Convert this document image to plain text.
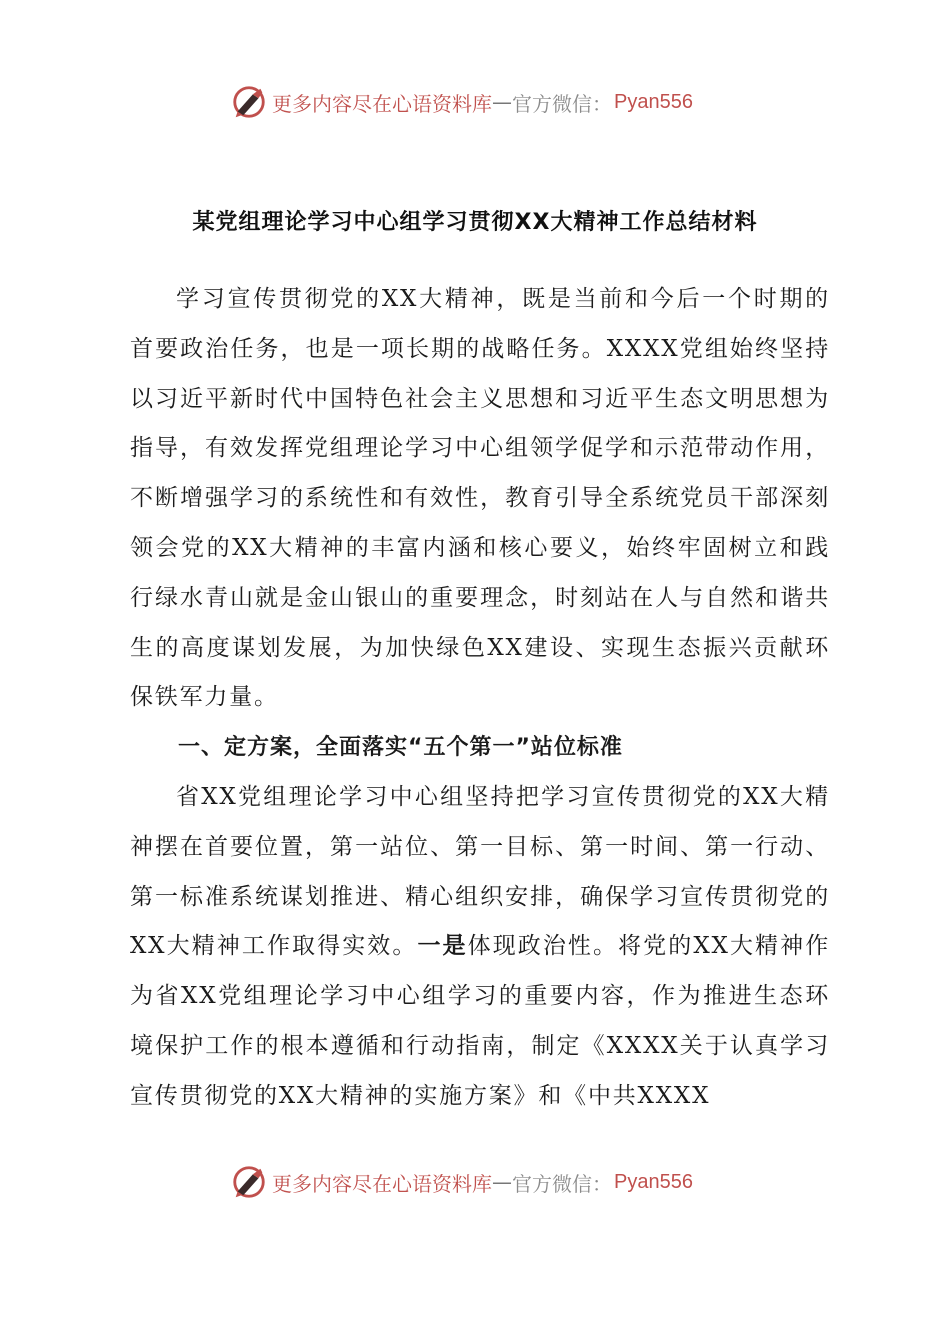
更多内容尽在心语资料库 — 官方微信： Pyan556
某党组理论学习中心组学习贯彻XX大精神工作总结材料

学习宣传贯彻党的XX大精神，既是当前和今后一个时期的首要政治任务，也是一项长期的战略任务。XXXX党组始终坚持以习近平新时代中国特色社会主义思想和习近平生态文明思想为指导，有效发挥党组理论学习中心组领学促学和示范带动作用，不断增强学习的系统性和有效性，教育引导全系统党员干部深刻领会党的XX大精神的丰富内涵和核心要义，始终牢固树立和践行绿水青山就是金山银山的重要理念，时刻站在人与自然和谐共生的高度谋划发展，为加快绿色XX建设、实现生态振兴贡献环保铁军力量。

一、定方案，全面落实“五个第一”站位标准

省XX党组理论学习中心组坚持把学习宣传贯彻党的XX大精神摆在首要位置，第一站位、第一目标、第一时间、第一行动、第一标准系统谋划推进、精心组织安排，确保学习宣传贯彻党的XX大精神工作取得实效。一是体现政治性。将党的XX大精神作为省XX党组理论学习中心组学习的重要内容，作为推进生态环境保护工作的根本遵循和行动指南，制定《XXXX关于认真学习宣传贯彻党的XX大精神的实施方案》和《中共XXXX

更多内容尽在心语资料库 — 官方微信： Pyan556
